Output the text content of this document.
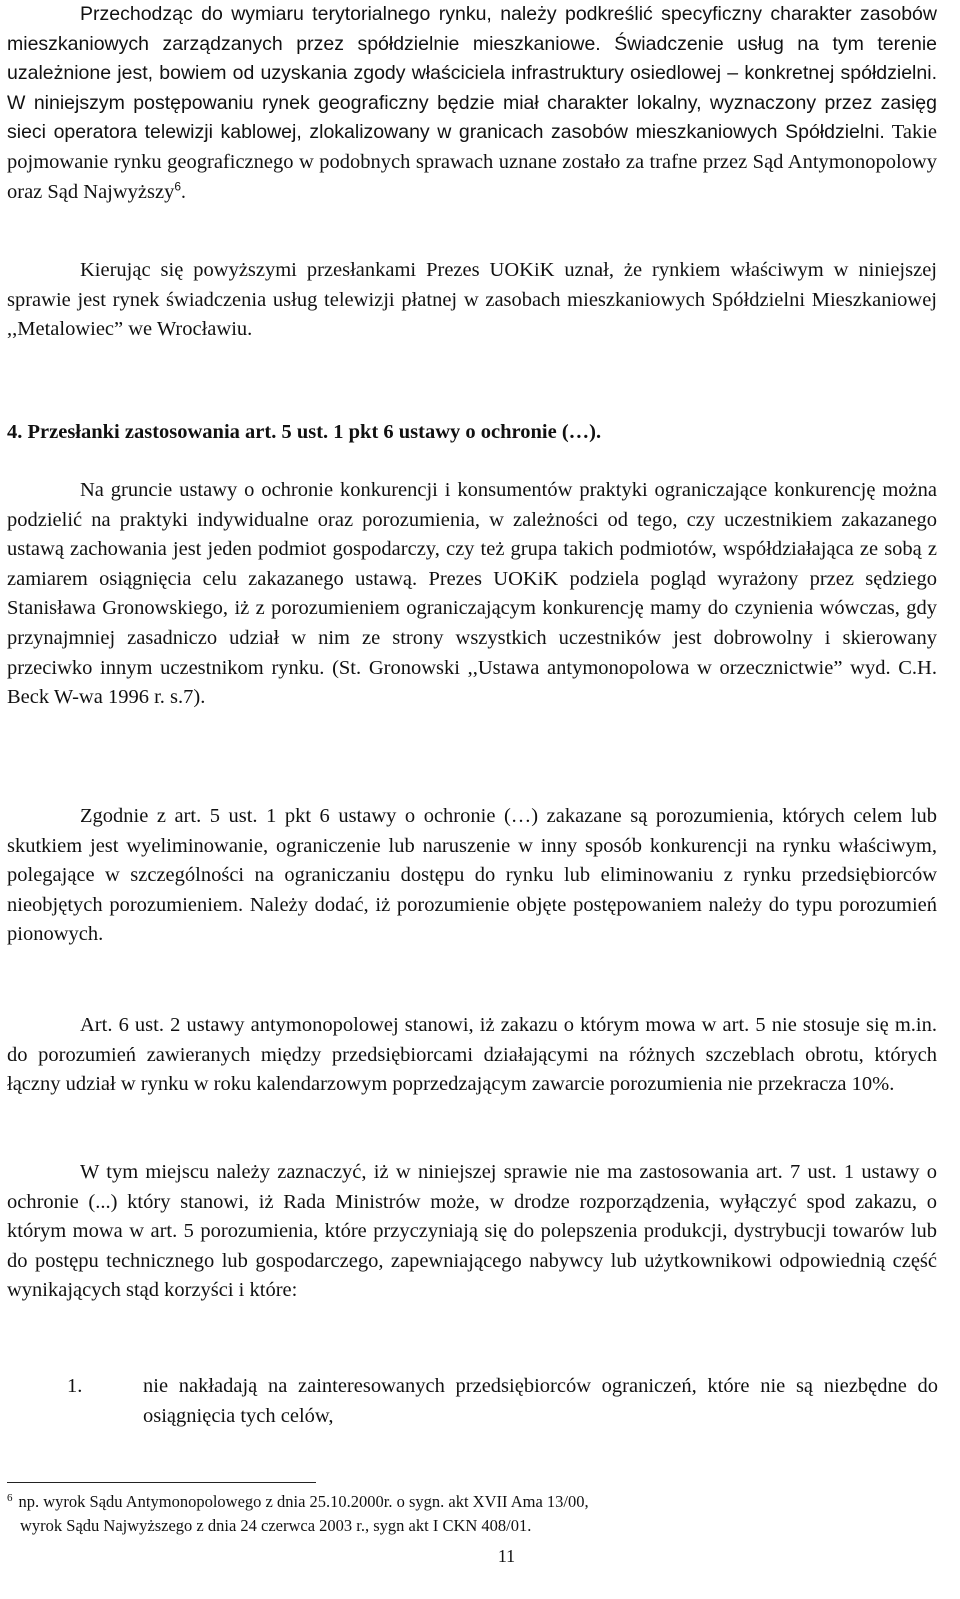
Przechodząc do wymiaru terytorialnego rynku, należy podkreślić specyficzny charakter zasobów mieszkaniowych zarządzanych przez spółdzielnie mieszkaniowe. Świadczenie usług na tym terenie uzależnione jest, bowiem od uzyskania zgody właściciela infrastruktury osiedlowej – konkretnej spółdzielni. W niniejszym postępowaniu rynek geograficzny będzie miał charakter lokalny, wyznaczony przez zasięg sieci operatora telewizji kablowej, zlokalizowany w granicach zasobów mieszkaniowych Spółdzielni. Takie pojmowanie rynku geograficznego w podobnych sprawach uznane zostało za trafne przez Sąd Antymonopolowy oraz Sąd Najwyższy$^6$.

Kierując się powyższymi przesłankami Prezes UOKiK uznał, że rynkiem właściwym w niniejszej sprawie jest rynek świadczenia usług telewizji płatnej w zasobach mieszkaniowych Spółdzielni Mieszkaniowej ,,Metalowiec” we Wrocławiu.

4. Przesłanki zastosowania art. 5 ust. 1 pkt 6 ustawy o ochronie (…).

Na gruncie ustawy o ochronie konkurencji i konsumentów praktyki ograniczające konkurencję można podzielić na praktyki indywidualne oraz porozumienia, w zależności od tego, czy uczestnikiem zakazanego ustawą zachowania jest jeden podmiot gospodarczy, czy też grupa takich podmiotów, współdziałająca ze sobą z zamiarem osiągnięcia celu zakazanego ustawą. Prezes UOKiK podziela pogląd wyrażony przez sędziego Stanisława Gronowskiego, iż z porozumieniem ograniczającym konkurencję mamy do czynienia wówczas, gdy przynajmniej zasadniczo udział w nim ze strony wszystkich uczestników jest dobrowolny i skierowany przeciwko innym uczestnikom rynku. (St. Gronowski ,,Ustawa antymonopolowa w orzecznictwie” wyd. C.H. Beck W-wa 1996 r. s.7).

Zgodnie z art. 5 ust. 1 pkt 6 ustawy o ochronie (…) zakazane są porozumienia, których celem lub skutkiem jest wyeliminowanie, ograniczenie lub naruszenie w inny sposób konkurencji na rynku właściwym, polegające w szczególności na ograniczaniu dostępu do rynku lub eliminowaniu z rynku przedsiębiorców nieobjętych porozumieniem. Należy dodać, iż porozumienie objęte postępowaniem należy do typu porozumień pionowych.

Art. 6 ust. 2 ustawy antymonopolowej stanowi, iż zakazu o którym mowa w art. 5 nie stosuje się m.in. do porozumień zawieranych między przedsiębiorcami działającymi na różnych szczeblach obrotu, których łączny udział w rynku w roku kalendarzowym poprzedzającym zawarcie porozumienia nie przekracza 10%.

W tym miejscu należy zaznaczyć, iż w niniejszej sprawie nie ma zastosowania art. 7 ust. 1 ustawy o ochronie (...) który stanowi, iż Rada Ministrów może, w drodze rozporządzenia, wyłączyć spod zakazu, o którym mowa w art. 5 porozumienia, które przyczyniają się do polepszenia produkcji, dystrybucji towarów lub do postępu technicznego lub gospodarczego, zapewniającego nabywcy lub użytkownikowi odpowiednią część wynikających stąd korzyści i które:

1.	nie nakładają na zainteresowanych przedsiębiorców ograniczeń, które nie są niezbędne do osiągnięcia tych celów,

$^6$ np. wyrok Sądu Antymonopolowego z dnia 25.10.2000r. o sygn. akt XVII Ama 13/00,
wyrok Sądu Najwyższego z dnia 24 czerwca 2003 r., sygn akt I CKN 408/01.

11
